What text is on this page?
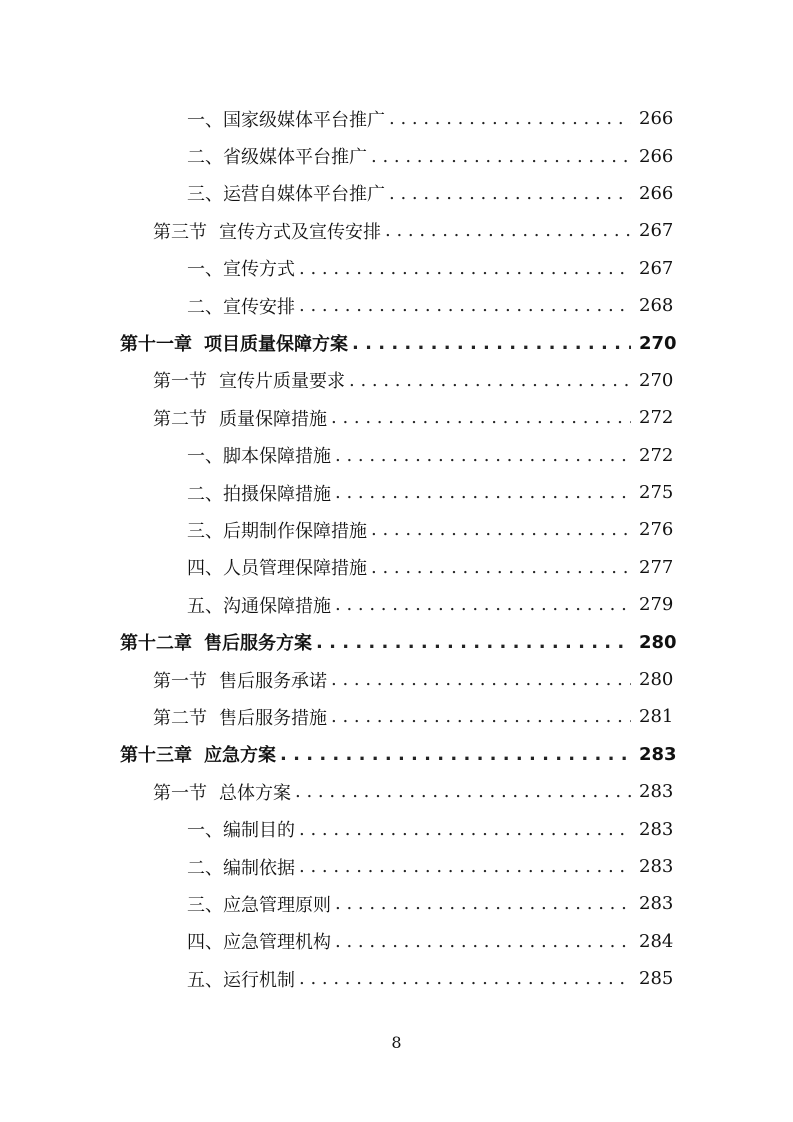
一、 国家级媒体平台推广 . . .	266
二、 省级媒体平台推广 . . .	266
三、 运营自媒体平台推广 . . .	266
第三节 宣传方式及宣传安排 . . .	267
一、 宣传方式 . . .	267
二、 宣传安排 . . .	268
第十一章 项目质量保障方案 . . .	270
第一节 宣传片质量要求 . . .	270
第二节 质量保障措施 . . .	272
一、 脚本保障措施 . . .	272
二、 拍摄保障措施 . . .	275
三、 后期制作保障措施 . . .	276
四、 人员管理保障措施 . . .	277
五、 沟通保障措施 . . .	279
第十二章 售后服务方案 . . .	280
第一节 售后服务承诺 . . .	280
第二节 售后服务措施 . . .	281
第十三章 应急方案 . . .	283
第一节 总体方案 . . .	283
一、 编制目的 . . .	283
二、 编制依据 . . .	283
三、 应急管理原则 . . .	283
四、 应急管理机构 . . .	284
五、 运行机制 . . .	285
8
